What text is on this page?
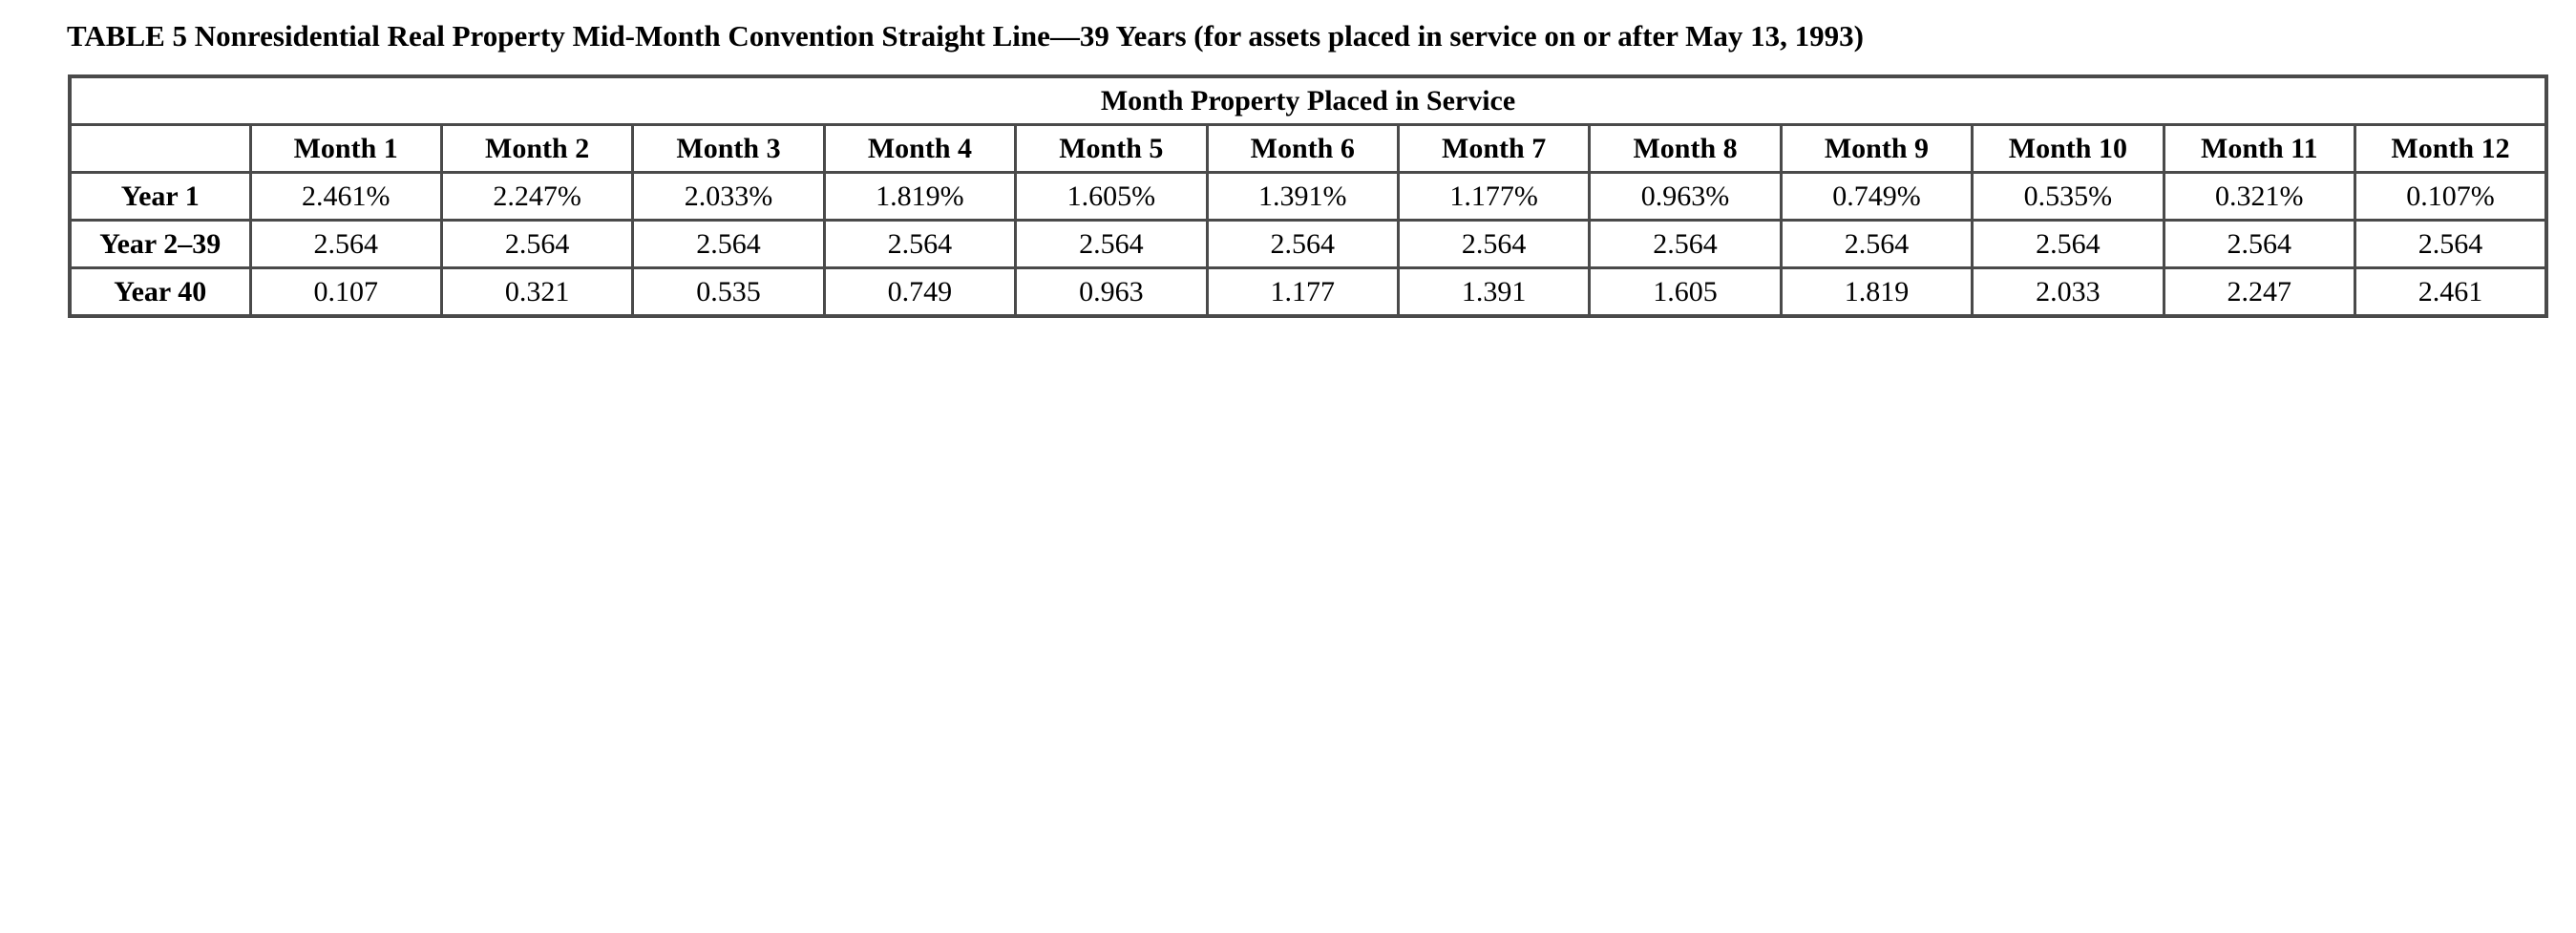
TABLE 5 Nonresidential Real Property Mid-Month Convention Straight Line—39 Years (for assets placed in service on or after May 13, 1993)
Month Property Placed in Service												
	Month 1	Month 2	Month 3	Month 4	Month 5	Month 6	Month 7	Month 8	Month 9	Month 10	Month 11	Month 12
Year 1	2.461%	2.247%	2.033%	1.819%	1.605%	1.391%	1.177%	0.963%	0.749%	0.535%	0.321%	0.107%
Year 2–39	2.564	2.564	2.564	2.564	2.564	2.564	2.564	2.564	2.564	2.564	2.564	2.564
Year 40	0.107	0.321	0.535	0.749	0.963	1.177	1.391	1.605	1.819	2.033	2.247	2.461
